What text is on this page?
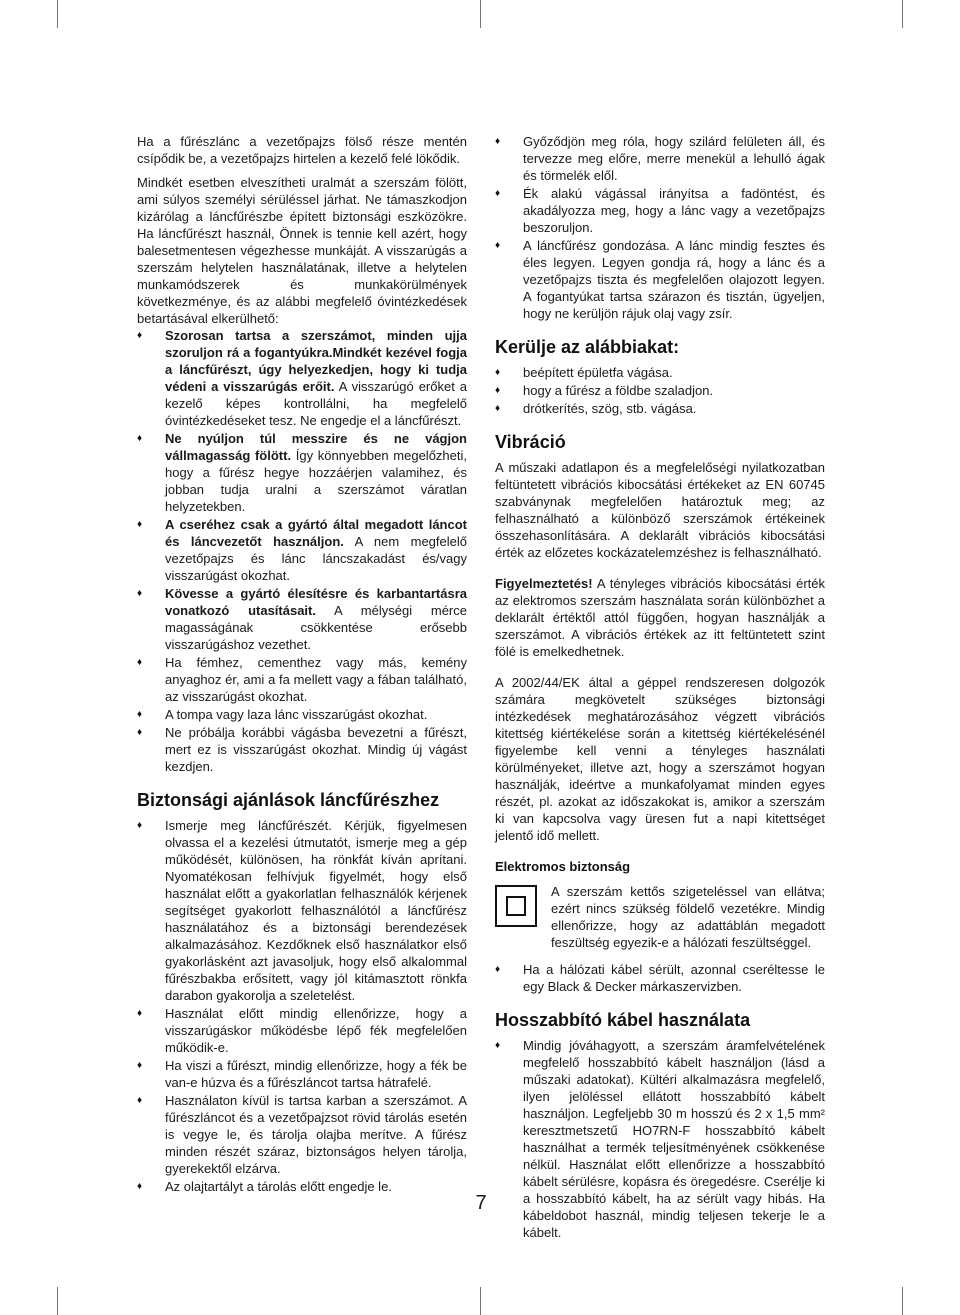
Ha a fűrészlánc a vezetőpajzs fölső része mentén csípődik be, a vezetőpajzs hirtelen a kezelő felé lökődik.

Mindkét esetben elveszítheti uralmát a szerszám fölött, ami súlyos személyi sérüléssel járhat. Ne támaszkodjon kizárólag a láncfűrészbe épített biztonsági eszközökre. Ha láncfűrészt használ, Önnek is tennie kell azért, hogy balesetmentesen végezhesse munkáját. A visszarúgás a szerszám helytelen használatának, illetve a helytelen munkamódszerek és munkakörülmények következménye, és az alábbi megfelelő óvintézkedések betartásával elkerülhető:

♦ Szorosan tartsa a szerszámot, minden ujja szoruljon rá a fogantyúkra.Mindkét kezével fogja a láncfűrészt, úgy helyezkedjen, hogy ki tudja védeni a visszarúgás erőit. A visszarúgó erőket a kezelő képes kontrollálni, ha megfelelő óvintézkedéseket tesz. Ne engedje el a láncfűrészt.
♦ Ne nyúljon túl messzire és ne vágjon vállmagasság fölött. Így könnyebben megelőzheti, hogy a fűrész hegye hozzáérjen valamihez, és jobban tudja uralni a szerszámot váratlan helyzetekben.
♦ A cseréhez csak a gyártó által megadott láncot és láncvezetőt használjon. A nem megfelelő vezetőpajzs és lánc láncszakadást és/vagy visszarúgást okozhat.
♦ Kövesse a gyártó élesítésre és karbantartásra vonatkozó utasításait. A mélységi mérce magasságának csökkentése erősebb visszarúgáshoz vezethet.
♦ Ha fémhez, cementhez vagy más, kemény anyaghoz ér, ami a fa mellett vagy a fában található, az visszarúgást okozhat.
♦ A tompa vagy laza lánc visszarúgást okozhat.
♦ Ne próbálja korábbi vágásba bevezetni a fűrészt, mert ez is visszarúgást okozhat. Mindig új vágást kezdjen.
Biztonsági ajánlások láncfűrészhez
♦ Ismerje meg láncfűrészét. Kérjük, figyelmesen olvassa el a kezelési útmutatót, ismerje meg a gép működését, különösen, ha rönkfát kíván aprítani. Nyomatékosan felhívjuk figyelmét, hogy első használat előtt a gyakorlatlan felhasználók kérjenek segítséget gyakorlott felhasználótól a láncfűrész használatához és a biztonsági berendezések alkalmazásához. Kezdőknek első használatkor első gyakorlásként azt javasoljuk, hogy első alkalommal fűrészbakba erősített, vagy jól kitámasztott rönkfa darabon gyakorolja a szeletelést.
♦ Használat előtt mindig ellenőrizze, hogy a visszarúgáskor működésbe lépő fék megfelelően működik-e.
♦ Ha viszi a fűrészt, mindig ellenőrizze, hogy a fék be van-e húzva és a fűrészláncot tartsa hátrafelé.
♦ Használaton kívül is tartsa karban a szerszámot. A fűrészláncot és a vezetőpajzsot rövid tárolás esetén is vegye le, és tárolja olajba merítve. A fűrész minden részét száraz, biztonságos helyen tárolja, gyerekektől elzárva.
♦ Az olajtartályt a tárolás előtt engedje le.
♦ Győződjön meg róla, hogy szilárd felületen áll, és tervezze meg előre, merre menekül a lehulló ágak és törmelék elől.
♦ Ék alakú vágással irányítsa a fadöntést, és akadályozza meg, hogy a lánc vagy a vezetőpajzs beszoruljon.
♦ A láncfűrész gondozása. A lánc mindig fesztes és éles legyen. Legyen gondja rá, hogy a lánc és a vezetőpajzs tiszta és megfelelően olajozott legyen. A fogantyúkat tartsa szárazon és tisztán, ügyeljen, hogy ne kerüljön rájuk olaj vagy zsír.
Kerülje az alábbiakat:
♦ beépített épületfa vágása.
♦ hogy a fűrész a földbe szaladjon.
♦ drótkerítés, szög, stb. vágása.
Vibráció

A műszaki adatlapon és a megfelelőségi nyilatkozatban feltüntetett vibrációs kibocsátási értékeket az EN 60745 szabványnak megfelelően határoztuk meg; az felhasználható a különböző szerszámok értékeinek összehasonlítására. A deklarált vibrációs kibocsátási érték az előzetes kockázatelemzéshez is felhasználható.

Figyelmeztetés! A tényleges vibrációs kibocsátási érték az elektromos szerszám használata során különbözhet a deklarált értéktől attól függően, hogyan használják a szerszámot. A vibrációs értékek az itt feltüntetett szint fölé is emelkedhetnek.

A 2002/44/EK által a géppel rendszeresen dolgozók számára megkövetelt szükséges biztonsági intézkedések meghatározásához végzett vibrációs kitettség kiértékelése során a kitettség kiértékelésénél figyelembe kell venni a tényleges használati körülményeket, illetve azt, hogy a szerszámot hogyan használják, ideértve a munkafolyamat minden egyes részét, pl. azokat az időszakokat is, amikor a szerszám ki van kapcsolva vagy üresen fut a napi kitettséget jelentő idő mellett.

Elektromos biztonság

A szerszám kettős szigeteléssel van ellátva; ezért nincs szükség földelő vezetékre. Mindig ellenőrizze, hogy az adattáblán megadott feszültség egyezik-e a hálózati feszültséggel.

♦ Ha a hálózati kábel sérült, azonnal cseréltesse le egy Black & Decker márkaszervizben.
Hosszabbító kábel használata
♦ Mindig jóváhagyott, a szerszám áramfelvételének megfelelő hosszabbító kábelt használjon (lásd a műszaki adatokat). Kültéri alkalmazásra megfelelő, ilyen jelöléssel ellátott hosszabbító kábelt használjon. Legfeljebb 30 m hosszú és 2 x 1,5 mm² keresztmetszetű HO7RN-F hosszabbító kábelt használhat a termék teljesítményének csökkenése nélkül. Használat előtt ellenőrizze a hosszabbító kábelt sérülésre, kopásra és öregedésre. Cserélje ki a hosszabbító kábelt, ha az sérült vagy hibás. Ha kábeldobot használ, mindig teljesen tekerje le a kábelt.
7
